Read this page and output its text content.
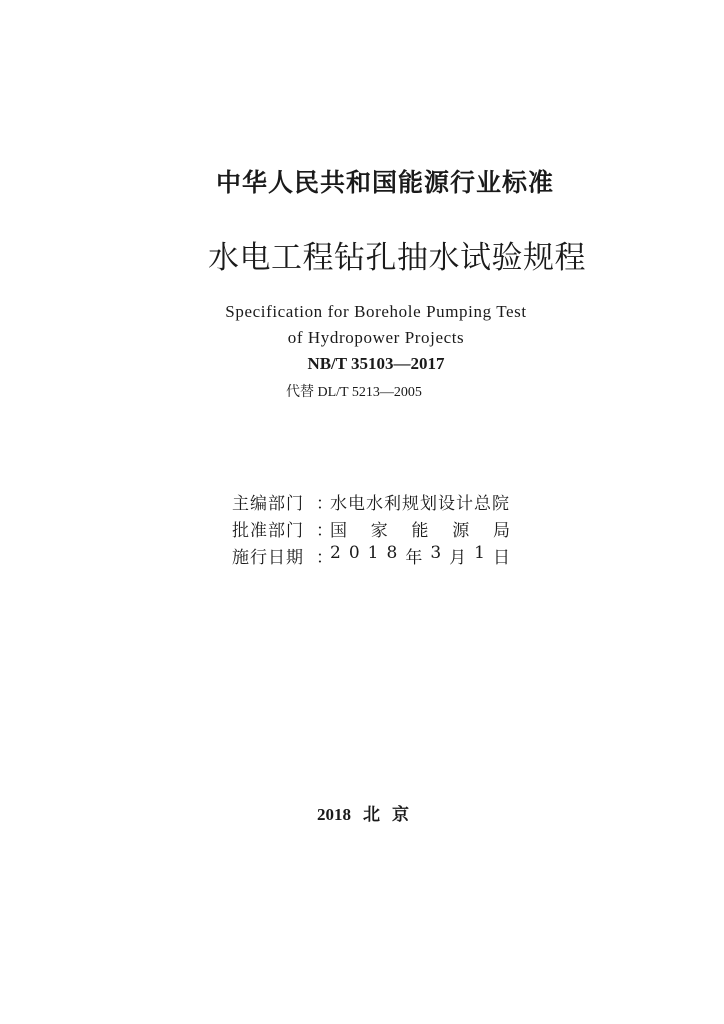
中华人民共和国能源行业标准
水电工程钻孔抽水试验规程
Specification for Borehole Pumping Test
of Hydropower Projects
NB/T 35103—2017
代替 DL/T 5213—2005
主编部门 ：
水电水利规划设计总院
批准部门 ：
国 家 能 源 局
施行日期 ：
2 0 1 8 年 3 月 1 日
2018 北京
